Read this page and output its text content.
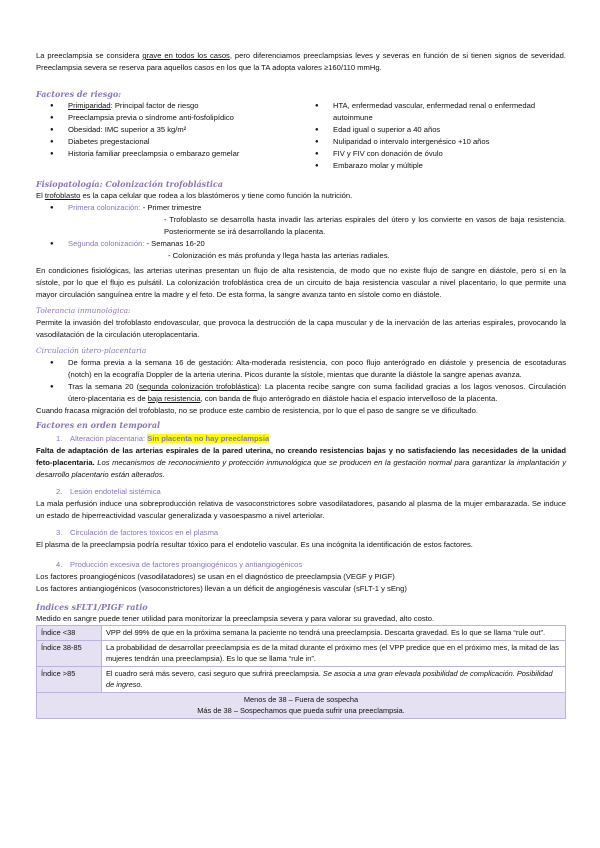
La preeclampsia se considera grave en todos los casos, pero diferenciamos preeclampsias leves y severas en función de si tienen signos de severidad. Preeclampsia severa se reserva para aquellos casos en los que la TA adopta valores ≥160/110 mmHg.

Factores de riesgo:
● Primiparidad: Principal factor de riesgo
● Preeclampsia previa o síndrome anti-fosfolipídico
● Obesidad: IMC superior a 35 kg/m²
● Diabetes pregestacional
● Historia familiar preeclampsia o embarazo gemelar
● HTA, enfermedad vascular, enfermedad renal o enfermedad autoinmune
● Edad igual o superior a 40 años
● Nuliparidad o intervalo intergenésico +10 años
● FIV y FIV con donación de óvulo
● Embarazo molar y múltiple
Fisiopatología: Colonización trofoblástica

El trofoblasto es la capa celular que rodea a los blastómeros y tiene como función la nutrición.

● Primera colonización: - Primer trimestre
- Trofoblasto se desarrolla hasta invadir las arterias espirales del útero y los convierte en vasos de baja resistencia. Posteriormente se irá desarrollando la placenta.
● Segunda colonización: - Semanas 16-20
- Colonización es más profunda y llega hasta las arterias radiales.

En condiciones fisiológicas, las arterias uterinas presentan un flujo de alta resistencia, de modo que no existe flujo de sangre en diástole, pero sí en la sístole, por lo que el flujo es pulsátil. La colonización trofoblástica crea de un circuito de baja resistencia vascular a nivel placentario, lo que permite una mayor circulación sanguínea entre la madre y el feto. De esta forma, la sangre avanza tanto en sístole como en diástole.

Tolerancia inmunológica:

Permite la invasión del trofoblasto endovascular, que provoca la destrucción de la capa muscular y de la inervación de las arterias espirales, provocando la vasodilatación de la circulación uteroplacentaria.

Circulación útero-placentaria
● De forma previa a la semana 16 de gestación: Alta-moderada resistencia, con poco flujo anterógrado en diástole y presencia de escotaduras (notch) en la ecografía Doppler de la arteria uterina. Picos durante la sístole, mientas que durante la diástole la sangre apenas avanza.
● Tras la semana 20 (segunda colonización trofoblástica): La placenta recibe sangre con suma facilidad gracias a los lagos venosos. Circulación útero-placentaria es de baja resistencia, con banda de flujo anterógrado en diástole hacia el espacio intervelloso de la placenta.

Cuando fracasa migración del trofoblasto, no se produce este cambio de resistencia, por lo que el paso de sangre se ve dificultado.

Factores en orden temporal
1. Alteración placentaria: Sin placenta no hay preeclampsia

Falta de adaptación de las arterias espirales de la pared uterina, no creando resistencias bajas y no satisfaciendo las necesidades de la unidad feto-placentaria. Los mecanismos de reconocimiento y protección inmunológica que se producen en la gestación normal para garantizar la implantación y desarrollo placentario están alterados.

2. Lesión endotelial sistémica

La mala perfusión induce una sobreproducción relativa de vasoconstrictores sobre vasodilatadores, pasando al plasma de la mujer embarazada. Se induce un estado de hiperreactividad vascular generalizada y vasoespasmo a nivel arteriolar.

3. Circulación de factores tóxicos en el plasma

El plasma de la preeclampsia podría resultar tóxico para el endotelio vascular. Es una incógnita la identificación de estos factores.

4. Producción excesiva de factores proangiogénicos y antiangiogénicos

Los factores proangiogénicos (vasodilatadores) se usan en el diagnóstico de preeclampsia (VEGF y PIGF)

Los factores antiangiogénicos (vasoconstrictores) llevan a un déficit de angiogénesis vascular (sFLT-1 y sEng)

Índices sFLT1/PIGF ratio

Medido en sangre puede tener utilidad para monitorizar la preeclampsia severa y para valorar su gravedad, alto costo.

Índice <38	VPP del 99% de que en la próxima semana la paciente no tendrá una preeclampsia. Descarta gravedad. Es lo que se llama “rule out”.
Índice 38-85	La probabilidad de desarrollar preeclampsia es de la mitad durante el próximo mes (el VPP predice que en el próximo mes, la mitad de las mujeres tendrán una preeclampsia). Es lo que se llama “rule in”.
Índice >85	El cuadro será más severo, casi seguro que sufrirá preeclampsia. Se asocia a una gran elevada posibilidad de complicación. Posibilidad de ingreso.

Menos de 38 – Fuera de sospecha
Más de 38 – Sospechamos que pueda sufrir una preeclampsia.	
